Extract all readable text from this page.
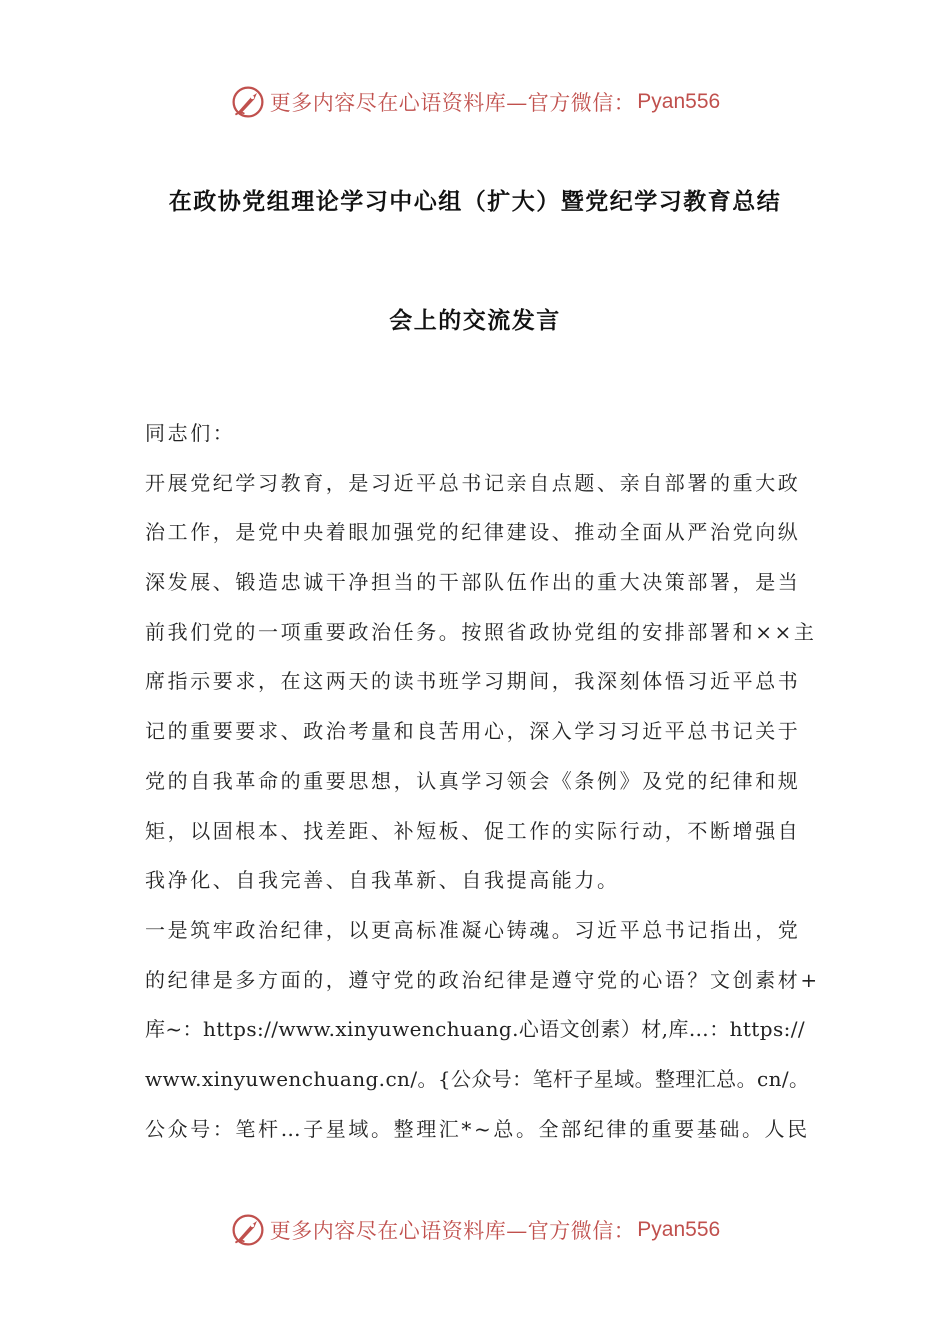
更多内容尽在心语资料库—官方微信： Pyan556
在政协党组理论学习中心组（扩大）暨党纪学习教育总结
会上的交流发言
同志们：
开展党纪学习教育，是习近平总书记亲自点题、亲自部署的重大政
治工作，是党中央着眼加强党的纪律建设、推动全面从严治党向纵
深发展、锻造忠诚干净担当的干部队伍作出的重大决策部署，是当
前我们党的一项重要政治任务。按照省政协党组的安排部署和××主
席指示要求，在这两天的读书班学习期间，我深刻体悟习近平总书
记的重要要求、政治考量和良苦用心，深入学习习近平总书记关于
党的自我革命的重要思想，认真学习领会《条例》及党的纪律和规
矩，以固根本、找差距、补短板、促工作的实际行动，不断增强自
我净化、自我完善、自我革新、自我提高能力。
一是筑牢政治纪律，以更高标准凝心铸魂。习近平总书记指出，党
的纪律是多方面的，遵守党的政治纪律是遵守党的心语？文创素材+
库~：https://www.xinyuwenchuang.心语文创素）材,库…：https://
www.xinyuwenchuang.cn/。{公众号：笔杆子星域。整理汇总。cn/。
公众号：笔杆…子星域。整理汇*~总。全部纪律的重要基础。人民
更多内容尽在心语资料库—官方微信： Pyan556
